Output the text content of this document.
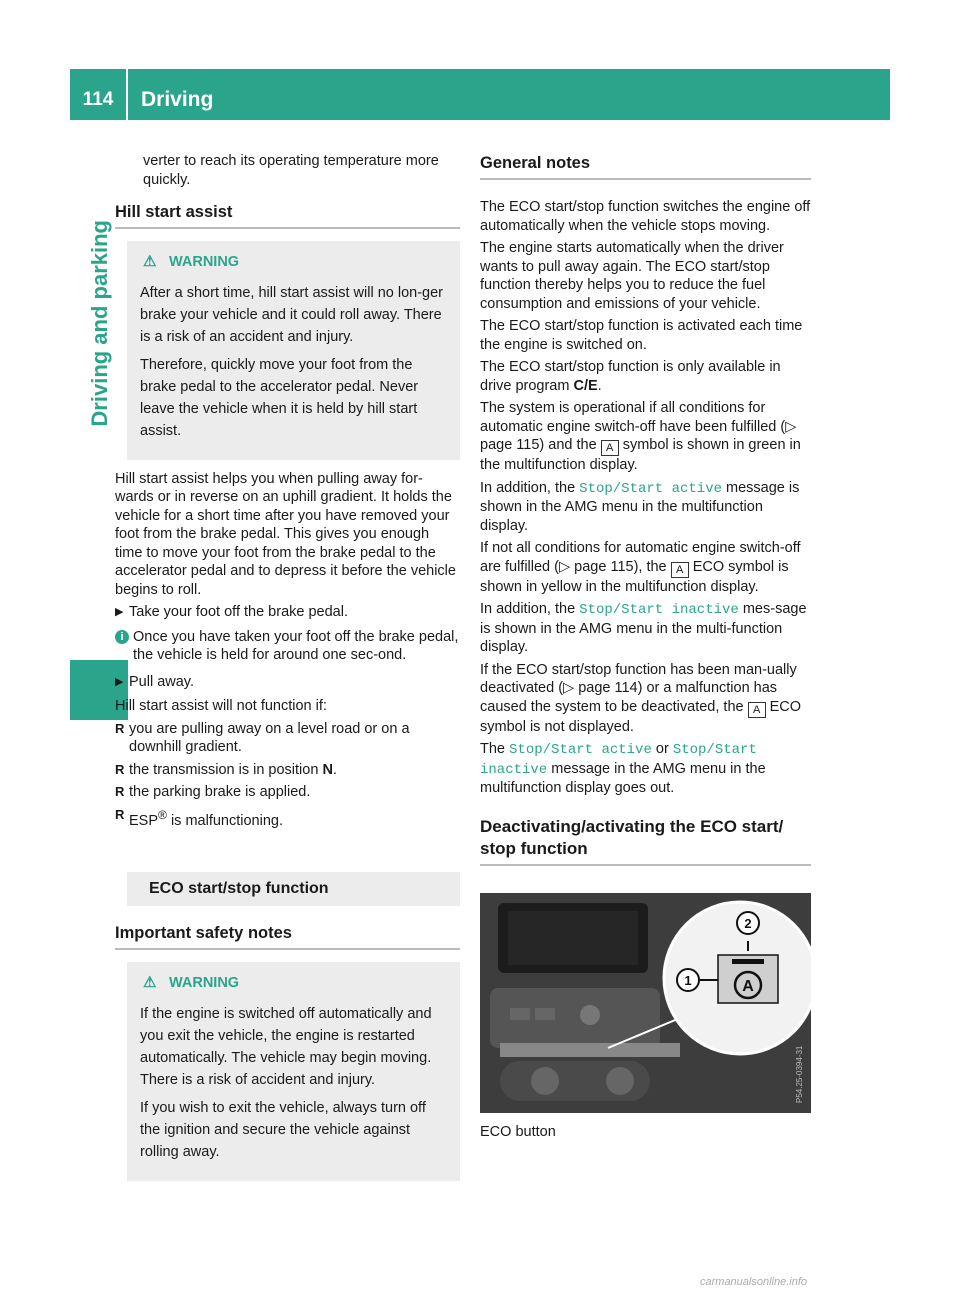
114	Driving
Driving and parking
verter to reach its operating temperature more quickly.
Hill start assist
⚠ WARNING

After a short time, hill start assist will no lon-ger brake your vehicle and it could roll away. There is a risk of an accident and injury.

Therefore, quickly move your foot from the brake pedal to the accelerator pedal. Never leave the vehicle when it is held by hill start assist.

Hill start assist helps you when pulling away for-wards or in reverse on an uphill gradient. It holds the vehicle for a short time after you have removed your foot from the brake pedal. This gives you enough time to move your foot from the brake pedal to the accelerator pedal and to depress it before the vehicle begins to roll.

▶ Take your foot off the brake pedal.
i Once you have taken your foot off the brake pedal, the vehicle is held for around one sec-ond.
▶ Pull away.

Hill start assist will not function if:

R you are pulling away on a level road or on a downhill gradient.
R the transmission is in position N.
R the parking brake is applied.
R ESP® is malfunctioning.
ECO start/stop function
Important safety notes
⚠ WARNING

If the engine is switched off automatically and you exit the vehicle, the engine is restarted automatically. The vehicle may begin moving. There is a risk of accident and injury.

If you wish to exit the vehicle, always turn off the ignition and secure the vehicle against rolling away.

General notes

The ECO start/stop function switches the engine off automatically when the vehicle stops moving.

The engine starts automatically when the driver wants to pull away again. The ECO start/stop function thereby helps you to reduce the fuel consumption and emissions of your vehicle.

The ECO start/stop function is activated each time the engine is switched on.

The ECO start/stop function is only available in drive program C/E.

The system is operational if all conditions for automatic engine switch-off have been fulfilled (▷ page 115) and the A symbol is shown in green in the multifunction display.

In addition, the Stop/Start active message is shown in the AMG menu in the multifunction display.

If not all conditions for automatic engine switch-off are fulfilled (▷ page 115), the A ECO symbol is shown in yellow in the multifunction display.

In addition, the Stop/Start inactive mes-sage is shown in the AMG menu in the multi-function display.

If the ECO start/stop function has been man-ually deactivated (▷ page 114) or a malfunction has caused the system to be deactivated, the A ECO symbol is not displayed.

The Stop/Start active or Stop/Start inactive message in the AMG menu in the multifunction display goes out.

Deactivating/activating the ECO start/ stop function
A
2
1
P54.25-0394-31
ECO button
carmanualsonline.info
